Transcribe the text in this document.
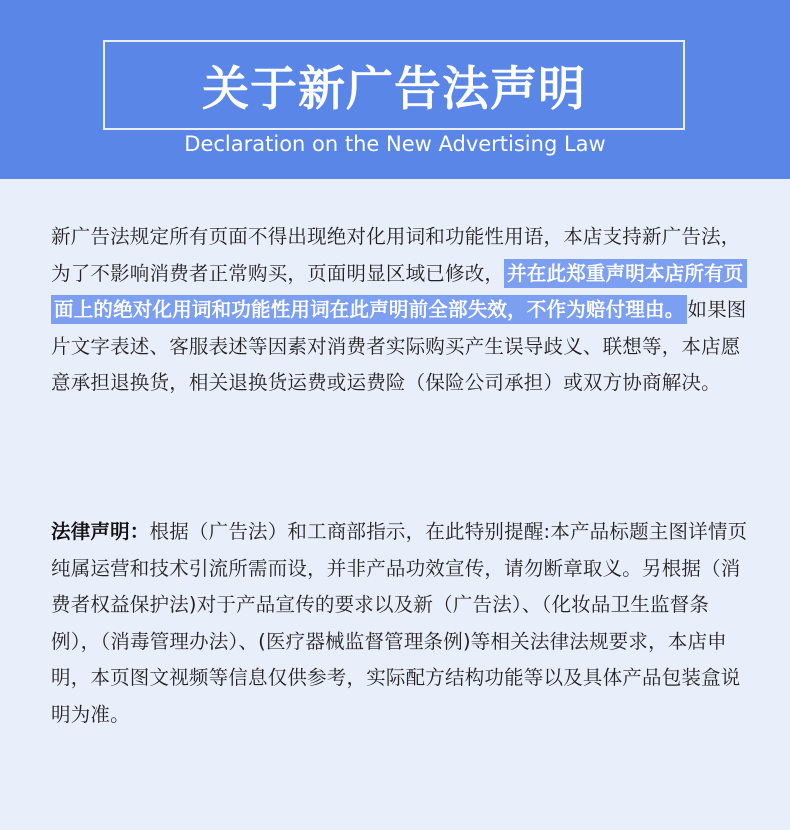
关于新广告法声明
Declaration on the New Advertising Law
新广告法规定所有页面不得出现绝对化用词和功能性用语，本店支持新广告法，为了不影响消费者正常购买，页面明显区域已修改， 并在此郑重声明本店所有页面上的绝对化用词和功能性用词在此声明前全部失效，不作为赔付理由。 如果图片文字表述、客服表述等因素对消费者实际购买产生误导歧义、联想等，本店愿意承担退换货，相关退换货运费或运费险（保险公司承担）或双方协商解决。
法律声明：根据（广告法）和工商部指示，在此特别提醒:本产品标题主图详情页纯属运营和技术引流所需而设，并非产品功效宣传，请勿断章取义。另根据（消费者权益保护法)对于产品宣传的要求以及新（广告法）、（化妆品卫生监督条例），（消毒管理办法）、(医疗器械监督管理条例)等相关法律法规要求，本店申明，本页图文视频等信息仅供参考，实际配方结构功能等以及具体产品包装盒说明为准。
